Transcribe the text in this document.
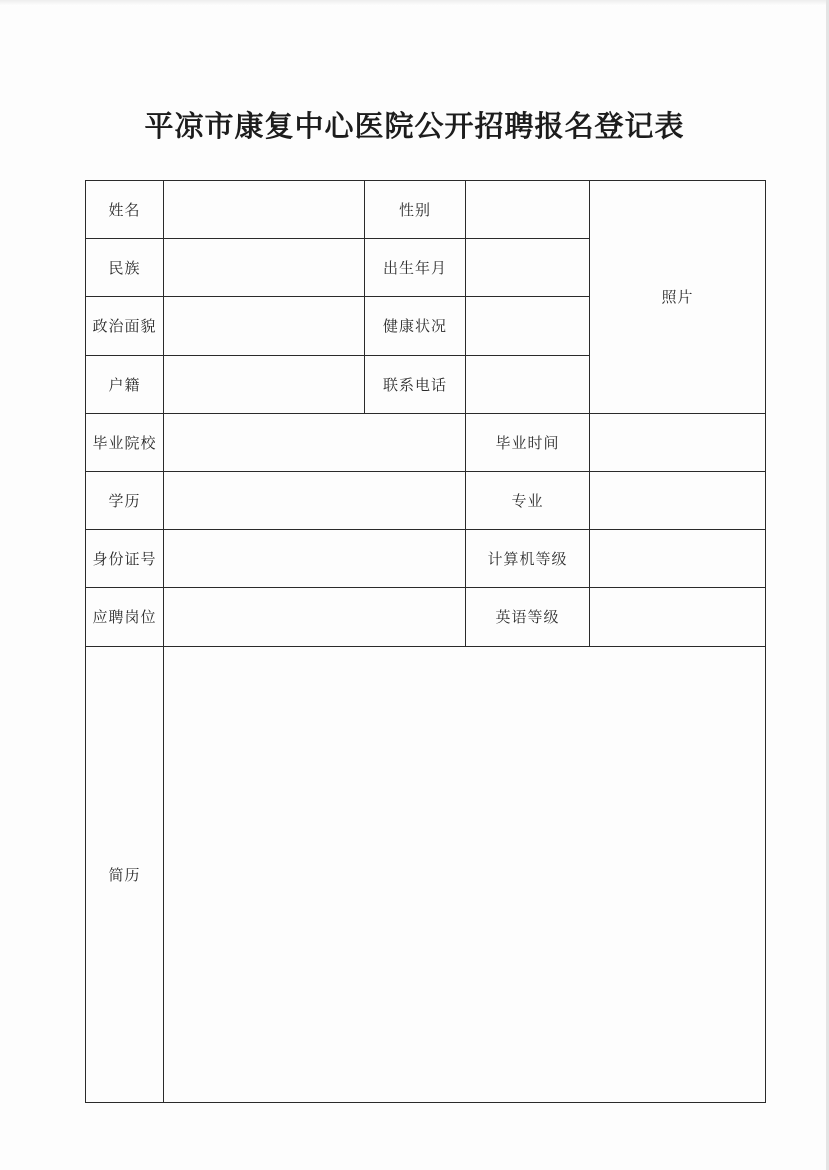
平凉市康复中心医院公开招聘报名登记表
姓名		性别		照片
民族		出生年月		
政治面貌		健康状况		
户籍		联系电话		
毕业院校			毕业时间	
学历			专业	
身份证号			计算机等级	
应聘岗位			英语等级	
简历				
